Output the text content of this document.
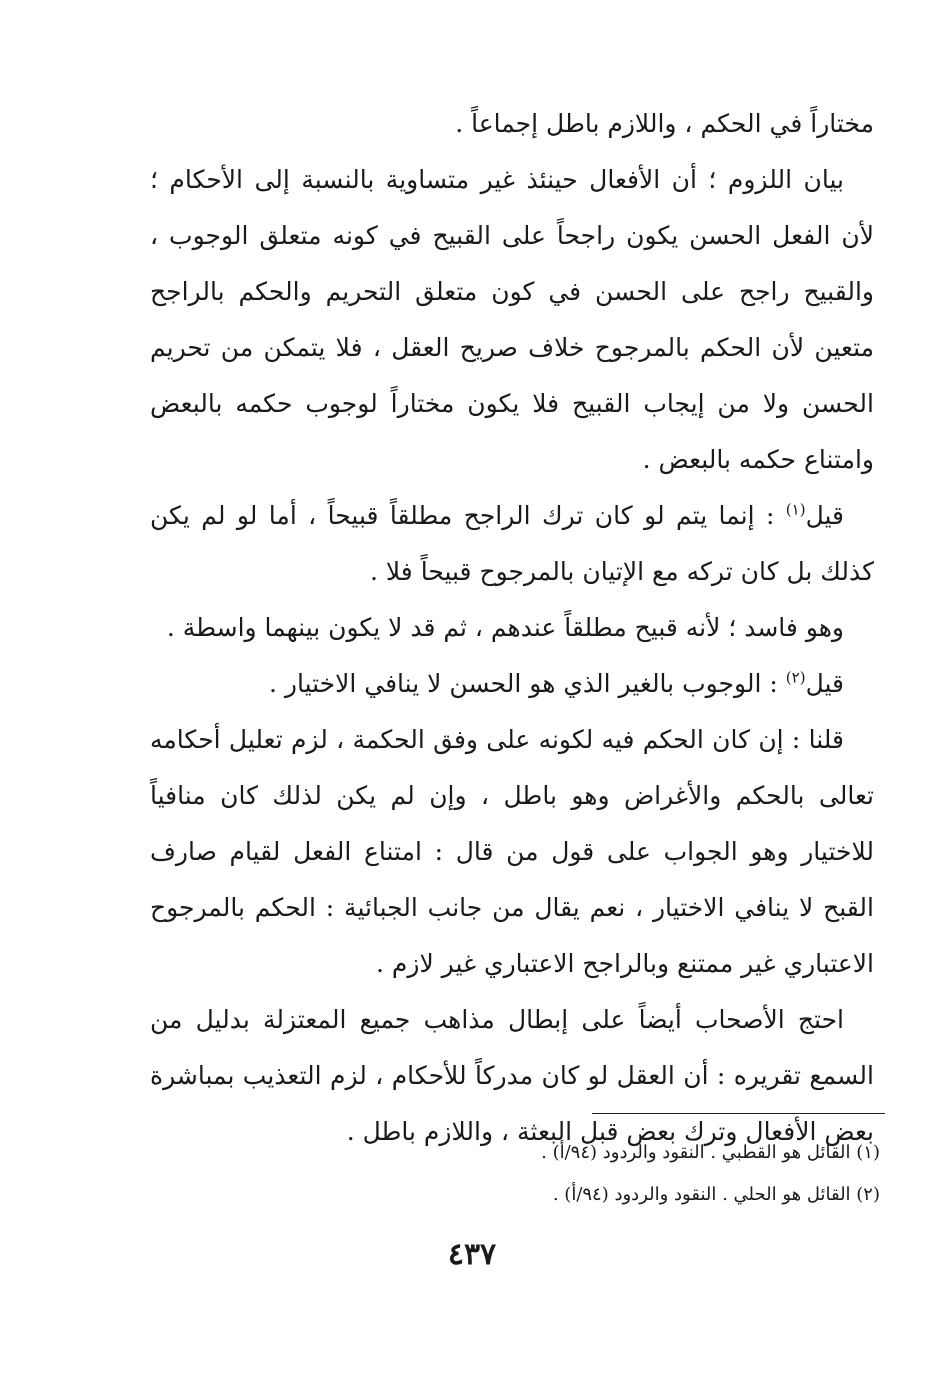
مختاراً في الحكم ، واللازم باطل إجماعاً .

بيان اللزوم ؛ أن الأفعال حينئذ غير متساوية بالنسبة إلى الأحكام ؛ لأن الفعل الحسن يكون راجحاً على القبيح في كونه متعلق الوجوب ، والقبيح راجح على الحسن في كون متعلق التحريم والحكم بالراجح متعين لأن الحكم بالمرجوح خلاف صريح العقل ، فلا يتمكن من تحريم الحسن ولا من إيجاب القبيح فلا يكون مختاراً لوجوب حكمه بالبعض وامتناع حكمه بالبعض .

قيل$^{(١)}$ : إنما يتم لو كان ترك الراجح مطلقاً قبيحاً ، أما لو لم يكن كذلك بل كان تركه مع الإتيان بالمرجوح قبيحاً فلا .

وهو فاسد ؛ لأنه قبيح مطلقاً عندهم ، ثم قد لا يكون بينهما واسطة .

قيل$^{(٢)}$ : الوجوب بالغير الذي هو الحسن لا ينافي الاختيار .

قلنا : إن كان الحكم فيه لكونه على وفق الحكمة ، لزم تعليل أحكامه تعالى بالحكم والأغراض وهو باطل ، وإن لم يكن لذلك كان منافياً للاختيار وهو الجواب على قول من قال : امتناع الفعل لقيام صارف القبح لا ينافي الاختيار ، نعم يقال من جانب الجبائية : الحكم بالمرجوح الاعتباري غير ممتنع وبالراجح الاعتباري غير لازم .

احتج الأصحاب أيضاً على إبطال مذاهب جميع المعتزلة بدليل من السمع تقريره : أن العقل لو كان مدركاً للأحكام ، لزم التعذيب بمباشرة بعض الأفعال وترك بعض قبل البعثة ، واللازم باطل .

(١) القائل هو القطبي . النقود والردود (٩٤/أ) .

(٢) القائل هو الحلي . النقود والردود (٩٤/أ) .

٤٣٧
